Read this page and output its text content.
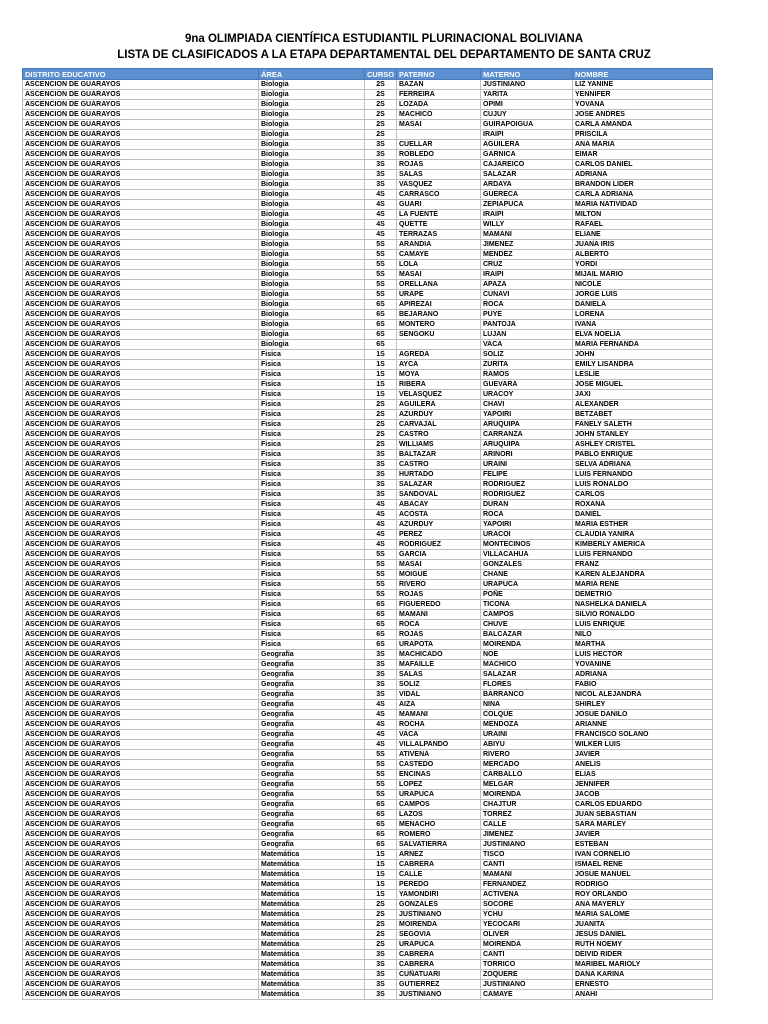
9na OLIMPIADA CIENTÍFICA ESTUDIANTIL PLURINACIONAL BOLIVIANA
LISTA DE CLASIFICADOS A LA ETAPA DEPARTAMENTAL DEL DEPARTAMENTO DE SANTA CRUZ
DISTRITO EDUCATIVO	ÁREA	CURSO	PATERNO	MATERNO	NOMBRE
ASCENCION DE GUARAYOS	Biologia	2S	BAZAN	JUSTINIANO	LIZ YANINE
ASCENCION DE GUARAYOS	Biologia	2S	FERREIRA	YARITA	YENNIFER
ASCENCION DE GUARAYOS	Biologia	2S	LOZADA	OPIMI	YOVANA
ASCENCION DE GUARAYOS	Biologia	2S	MACHICO	CUJUY	JOSE ANDRES
ASCENCION DE GUARAYOS	Biologia	2S	MASAI	GUIRAPOIGUA	CARLA AMANDA
ASCENCION DE GUARAYOS	Biologia	2S		IRAIPI	PRISCILA
ASCENCION DE GUARAYOS	Biologia	3S	CUELLAR	AGUILERA	ANA MARIA
ASCENCION DE GUARAYOS	Biologia	3S	ROBLEDO	GARNICA	EIMAR
ASCENCION DE GUARAYOS	Biologia	3S	ROJAS	CAJAREICO	CARLOS DANIEL
ASCENCION DE GUARAYOS	Biologia	3S	SALAS	SALAZAR	ADRIANA
ASCENCION DE GUARAYOS	Biologia	3S	VASQUEZ	ARDAYA	BRANDON LIDER
ASCENCION DE GUARAYOS	Biologia	4S	CARRASCO	GUERECA	CARLA ADRIANA
ASCENCION DE GUARAYOS	Biologia	4S	GUARI	ZEPIAPUCA	MARIA NATIVIDAD
ASCENCION DE GUARAYOS	Biologia	4S	LA FUENTE	IRAIPI	MILTON
ASCENCION DE GUARAYOS	Biologia	4S	QUETTE	WILLY	RAFAEL
ASCENCION DE GUARAYOS	Biologia	4S	TERRAZAS	MAMANI	ELIANE
ASCENCION DE GUARAYOS	Biologia	5S	ARANDIA	JIMENEZ	JUANA IRIS
ASCENCION DE GUARAYOS	Biologia	5S	CAMAYE	MENDEZ	ALBERTO
ASCENCION DE GUARAYOS	Biologia	5S	LOLA	CRUZ	YORDI
ASCENCION DE GUARAYOS	Biologia	5S	MASAI	IRAIPI	MIJAIL MARIO
ASCENCION DE GUARAYOS	Biologia	5S	ORELLANA	APAZA	NICOLE
ASCENCION DE GUARAYOS	Biologia	5S	URAPE	CUNAVI	JORGE LUIS
ASCENCION DE GUARAYOS	Biologia	6S	APIREZAI	ROCA	DANIELA
ASCENCION DE GUARAYOS	Biologia	6S	BEJARANO	PUYE	LORENA
ASCENCION DE GUARAYOS	Biologia	6S	MONTERO	PANTOJA	IVANA
ASCENCION DE GUARAYOS	Biologia	6S	SENGOKU	LUJAN	ELVA NOELIA
ASCENCION DE GUARAYOS	Biologia	6S		VACA	MARIA FERNANDA
ASCENCION DE GUARAYOS	Fisica	1S	AGREDA	SOLIZ	JOHN
ASCENCION DE GUARAYOS	Fisica	1S	AYCA	ZURITA	EMILY LISANDRA
ASCENCION DE GUARAYOS	Fisica	1S	MOYA	RAMOS	LESLIE
ASCENCION DE GUARAYOS	Fisica	1S	RIBERA	GUEVARA	JOSE MIGUEL
ASCENCION DE GUARAYOS	Fisica	1S	VELASQUEZ	URACOY	JAXI
ASCENCION DE GUARAYOS	Fisica	2S	AGUILERA	CHAVI	ALEXANDER
ASCENCION DE GUARAYOS	Fisica	2S	AZURDUY	YAPOIRI	BETZABET
ASCENCION DE GUARAYOS	Fisica	2S	CARVAJAL	ARUQUIPA	FANELY SALETH
ASCENCION DE GUARAYOS	Fisica	2S	CASTRO	CARRANZA	JOHN STANLEY
ASCENCION DE GUARAYOS	Fisica	2S	WILLIAMS	ARUQUIPA	ASHLEY CRISTEL
ASCENCION DE GUARAYOS	Fisica	3S	BALTAZAR	ARINORI	PABLO ENRIQUE
ASCENCION DE GUARAYOS	Fisica	3S	CASTRO	URAINI	SELVA ADRIANA
ASCENCION DE GUARAYOS	Fisica	3S	HURTADO	FELIPE	LUIS FERNANDO
ASCENCION DE GUARAYOS	Fisica	3S	SALAZAR	RODRIGUEZ	LUIS RONALDO
ASCENCION DE GUARAYOS	Fisica	3S	SANDOVAL	RODRIGUEZ	CARLOS
ASCENCION DE GUARAYOS	Fisica	4S	ABACAY	DURAN	ROXANA
ASCENCION DE GUARAYOS	Fisica	4S	ACOSTA	ROCA	DANIEL
ASCENCION DE GUARAYOS	Fisica	4S	AZURDUY	YAPOIRI	MARIA ESTHER
ASCENCION DE GUARAYOS	Fisica	4S	PEREZ	URACOI	CLAUDIA YANIRA
ASCENCION DE GUARAYOS	Fisica	4S	RODRIGUEZ	MONTECINOS	KIMBERLY AMERICA
ASCENCION DE GUARAYOS	Fisica	5S	GARCIA	VILLACAHUA	LUIS FERNANDO
ASCENCION DE GUARAYOS	Fisica	5S	MASAI	GONZALES	FRANZ
ASCENCION DE GUARAYOS	Fisica	5S	MOIGUE	CHANE	KAREN ALEJANDRA
ASCENCION DE GUARAYOS	Fisica	5S	RIVERO	URAPUCA	MARIA RENE
ASCENCION DE GUARAYOS	Fisica	5S	ROJAS	POÑE	DEMETRIO
ASCENCION DE GUARAYOS	Fisica	6S	FIGUEREDO	TICONA	NASHELKA DANIELA
ASCENCION DE GUARAYOS	Fisica	6S	MAMANI	CAMPOS	SILVIO RONALDO
ASCENCION DE GUARAYOS	Fisica	6S	ROCA	CHUVE	LUIS ENRIQUE
ASCENCION DE GUARAYOS	Fisica	6S	ROJAS	BALCAZAR	NILO
ASCENCION DE GUARAYOS	Fisica	6S	URAPOTA	MOIRENDA	MARTHA
ASCENCION DE GUARAYOS	Geografia	3S	MACHICADO	NOE	LUIS HECTOR
ASCENCION DE GUARAYOS	Geografia	3S	MAFAILLE	MACHICO	YOVANINE
ASCENCION DE GUARAYOS	Geografia	3S	SALAS	SALAZAR	ADRIANA
ASCENCION DE GUARAYOS	Geografia	3S	SOLIZ	FLORES	FABIO
ASCENCION DE GUARAYOS	Geografia	3S	VIDAL	BARRANCO	NICOL ALEJANDRA
ASCENCION DE GUARAYOS	Geografia	4S	AIZA	NINA	SHIRLEY
ASCENCION DE GUARAYOS	Geografia	4S	MAMANI	COLQUE	JOSUE DANILO
ASCENCION DE GUARAYOS	Geografia	4S	ROCHA	MENDOZA	ARIANNE
ASCENCION DE GUARAYOS	Geografia	4S	VACA	URAINI	FRANCISCO SOLANO
ASCENCION DE GUARAYOS	Geografia	4S	VILLALPANDO	ABIYU	WILKER LUIS
ASCENCION DE GUARAYOS	Geografia	5S	ATIVENA	RIVERO	JAVIER
ASCENCION DE GUARAYOS	Geografia	5S	CASTEDO	MERCADO	ANELIS
ASCENCION DE GUARAYOS	Geografia	5S	ENCINAS	CARBALLO	ELIAS
ASCENCION DE GUARAYOS	Geografia	5S	LOPEZ	MELGAR	JENNIFER
ASCENCION DE GUARAYOS	Geografia	5S	URAPUCA	MOIRENDA	JACOB
ASCENCION DE GUARAYOS	Geografia	6S	CAMPOS	CHAJTUR	CARLOS EDUARDO
ASCENCION DE GUARAYOS	Geografia	6S	LAZOS	TORREZ	JUAN SEBASTIAN
ASCENCION DE GUARAYOS	Geografia	6S	MENACHO	CALLE	SARA MARLEY
ASCENCION DE GUARAYOS	Geografia	6S	ROMERO	JIMENEZ	JAVIER
ASCENCION DE GUARAYOS	Geografia	6S	SALVATIERRA	JUSTINIANO	ESTEBAN
ASCENCION DE GUARAYOS	Matemática	1S	ARNEZ	TISCO	IVAN CORNELIO
ASCENCION DE GUARAYOS	Matemática	1S	CABRERA	CANTI	ISMAEL RENE
ASCENCION DE GUARAYOS	Matemática	1S	CALLE	MAMANI	JOSUE MANUEL
ASCENCION DE GUARAYOS	Matemática	1S	PEREDO	FERNANDEZ	RODRIGO
ASCENCION DE GUARAYOS	Matemática	1S	YAMONDIRI	ACTIVENA	ROY ORLANDO
ASCENCION DE GUARAYOS	Matemática	2S	GONZALES	SOCORE	ANA MAYERLY
ASCENCION DE GUARAYOS	Matemática	2S	JUSTINIANO	YCHU	MARIA SALOME
ASCENCION DE GUARAYOS	Matemática	2S	MOIRENDA	YECOCARI	JUANITA
ASCENCION DE GUARAYOS	Matemática	2S	SEGOVIA	OLIVER	JESUS DANIEL
ASCENCION DE GUARAYOS	Matemática	2S	URAPUCA	MOIRENDA	RUTH NOEMY
ASCENCION DE GUARAYOS	Matemática	3S	CABRERA	CANTI	DEIVID RIDER
ASCENCION DE GUARAYOS	Matemática	3S	CABRERA	TORRICO	MARIBEL MARIOLY
ASCENCION DE GUARAYOS	Matemática	3S	CUÑATUARI	ZOQUERE	DANA KARINA
ASCENCION DE GUARAYOS	Matemática	3S	GUTIERREZ	JUSTINIANO	ERNESTO
ASCENCION DE GUARAYOS	Matemática	3S	JUSTINIANO	CAMAYE	ANAHI
